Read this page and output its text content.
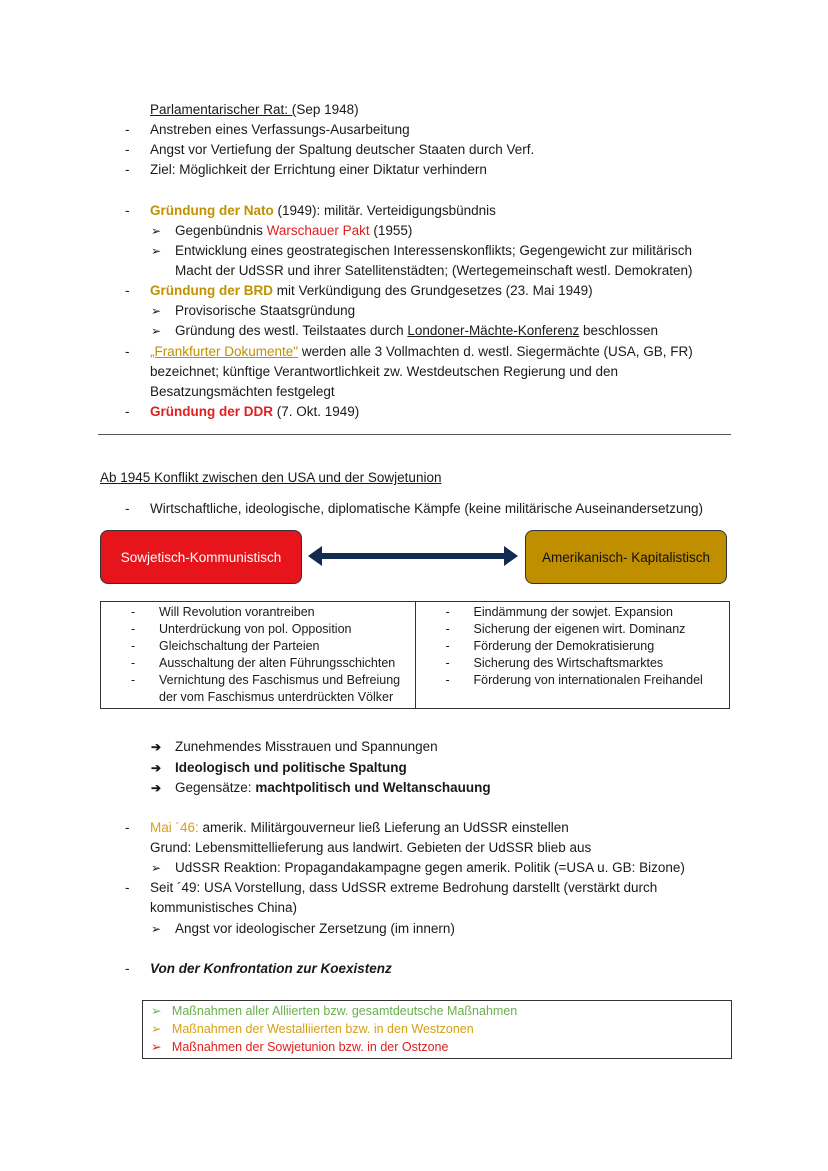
Parlamentarischer Rat: (Sep 1948)
- Anstreben eines Verfassungs-Ausarbeitung
- Angst vor Vertiefung der Spaltung deutscher Staaten durch Verf.
- Ziel: Möglichkeit der Errichtung einer Diktatur verhindern
- Gründung der Nato (1949): militär. Verteidigungsbündnis
➢ Gegenbündnis Warschauer Pakt (1955)
➢ Entwicklung eines geostrategischen Interessenskonflikts; Gegengewicht zur militärisch
Macht der UdSSR und ihrer Satellitenstädten; (Wertegemeinschaft westl. Demokraten)
- Gründung der BRD mit Verkündigung des Grundgesetzes (23. Mai 1949)
➢ Provisorische Staatsgründung
➢ Gründung des westl. Teilstaates durch Londoner-Mächte-Konferenz beschlossen
- „Frankfurter Dokumente" werden alle 3 Vollmachten d. westl. Siegermächte (USA, GB, FR)
bezeichnet; künftige Verantwortlichkeit zw. Westdeutschen Regierung und den
Besatzungsmächten festgelegt
- Gründung der DDR (7. Okt. 1949)
Ab 1945 Konflikt zwischen den USA und der Sowjetunion
- Wirtschaftliche, ideologische, diplomatische Kämpfe (keine militärische Auseinandersetzung)
Sowjetisch-Kommunistisch	Amerikanisch- Kapitalistisch
- Will Revolution vorantreiben
- Unterdrückung von pol. Opposition
- Gleichschaltung der Parteien
- Ausschaltung der alten Führungsschichten
- Vernichtung des Faschismus und Befreiung
der vom Faschismus unterdrückten Völker

- Eindämmung der sowjet. Expansion
- Sicherung der eigenen wirt. Dominanz
- Förderung der Demokratisierung
- Sicherung des Wirtschaftsmarktes
- Förderung von internationalen Freihandel
➔ Zunehmendes Misstrauen und Spannungen
➔ Ideologisch und politische Spaltung
➔ Gegensätze: machtpolitisch und Weltanschauung
- Mai ´46: amerik. Militärgouverneur ließ Lieferung an UdSSR einstellen
Grund: Lebensmittellieferung aus landwirt. Gebieten der UdSSR blieb aus
➢ UdSSR Reaktion: Propagandakampagne gegen amerik. Politik (=USA u. GB: Bizone)
- Seit ´49: USA Vorstellung, dass UdSSR extreme Bedrohung darstellt (verstärkt durch
kommunistisches China)
➢ Angst vor ideologischer Zersetzung (im innern)
- Von der Konfrontation zur Koexistenz
➢   Maßnahmen aller Alliierten bzw. gesamtdeutsche Maßnahmen
➢   Maßnahmen der Westalliierten bzw. in den Westzonen
➢   Maßnahmen der Sowjetunion bzw. in der Ostzone
